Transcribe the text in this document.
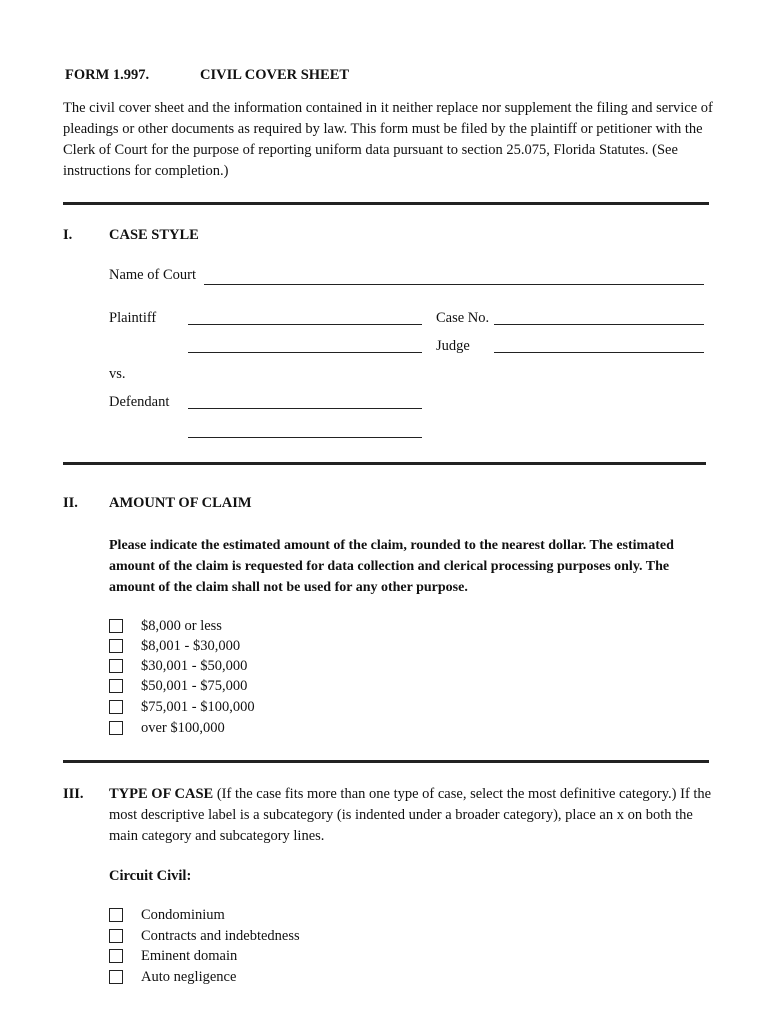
FORM 1.997.	CIVIL COVER SHEET
The civil cover sheet and the information contained in it neither replace nor supplement the filing and service of pleadings or other documents as required by law. This form must be filed by the plaintiff or petitioner with the Clerk of Court for the purpose of reporting uniform data pursuant to section 25.075, Florida Statutes. (See instructions for completion.)
I.	CASE STYLE
Name of Court
Plaintiff	Case No.
Judge
vs.
Defendant
II. AMOUNT OF CLAIM
Please indicate the estimated amount of the claim, rounded to the nearest dollar. The estimated amount of the claim is requested for data collection and clerical processing purposes only. The amount of the claim shall not be used for any other purpose.
$8,000 or less
$8,001 - $30,000
$30,001 - $50,000
$50,001 - $75,000
$75,001 - $100,000
over $100,000
III. TYPE OF CASE (If the case fits more than one type of case, select the most definitive category.) If the most descriptive label is a subcategory (is indented under a broader category), place an x on both the main category and subcategory lines.
Circuit Civil:
Condominium
Contracts and indebtedness
Eminent domain
Auto negligence
